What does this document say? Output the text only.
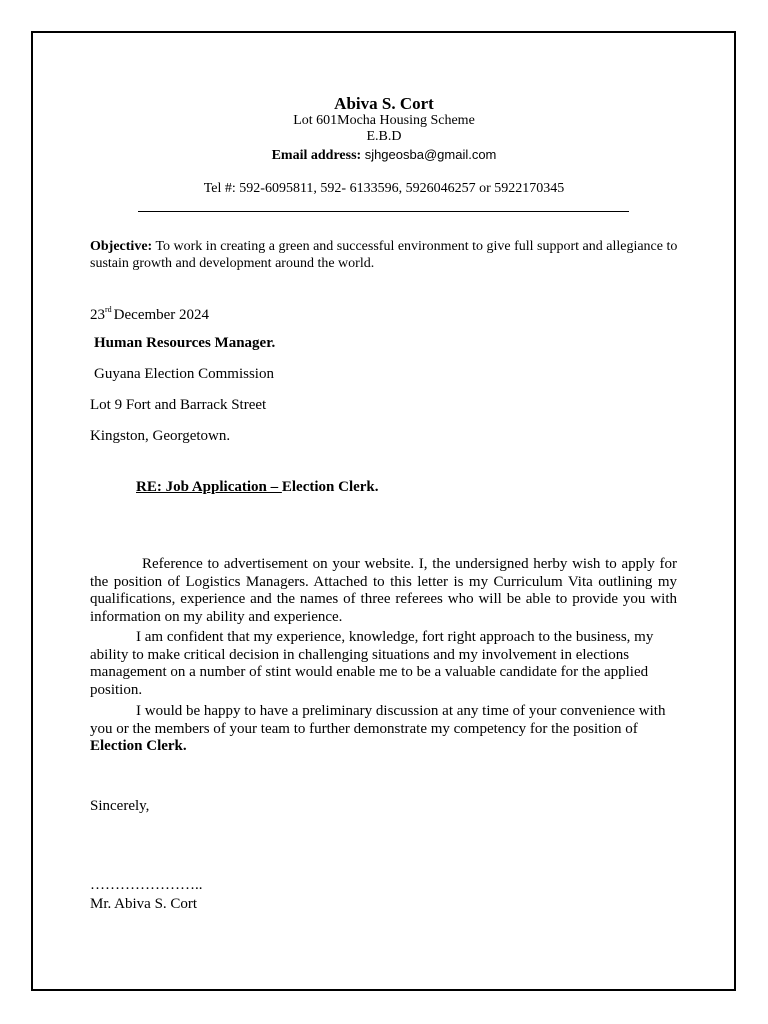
Abiva S. Cort
Lot 601Mocha Housing Scheme
E.B.D
Email address: sjhgeosba@gmail.com
Tel #: 592-6095811, 592- 6133596, 5926046257 or 5922170345
Objective: To work in creating a green and successful environment to give full support and allegiance to sustain growth and development around the world.
23rd December 2024
Human Resources Manager.
Guyana Election Commission
Lot 9 Fort and Barrack Street
Kingston, Georgetown.
RE: Job Application – Election Clerk.
Reference to advertisement on your website. I, the undersigned herby wish to apply for the position of Logistics Managers. Attached to this letter is my Curriculum Vita outlining my qualifications, experience and the names of three referees who will be able to provide you with information on my ability and experience.
I am confident that my experience, knowledge, fort right approach to the business, my ability to make critical decision in challenging situations and my involvement in elections management on a number of stint would enable me to be a valuable candidate for the applied position.
I would be happy to have a preliminary discussion at any time of your convenience with you or the members of your team to further demonstrate my competency for the position of Election Clerk.
Sincerely,
…………………..
Mr. Abiva S. Cort
